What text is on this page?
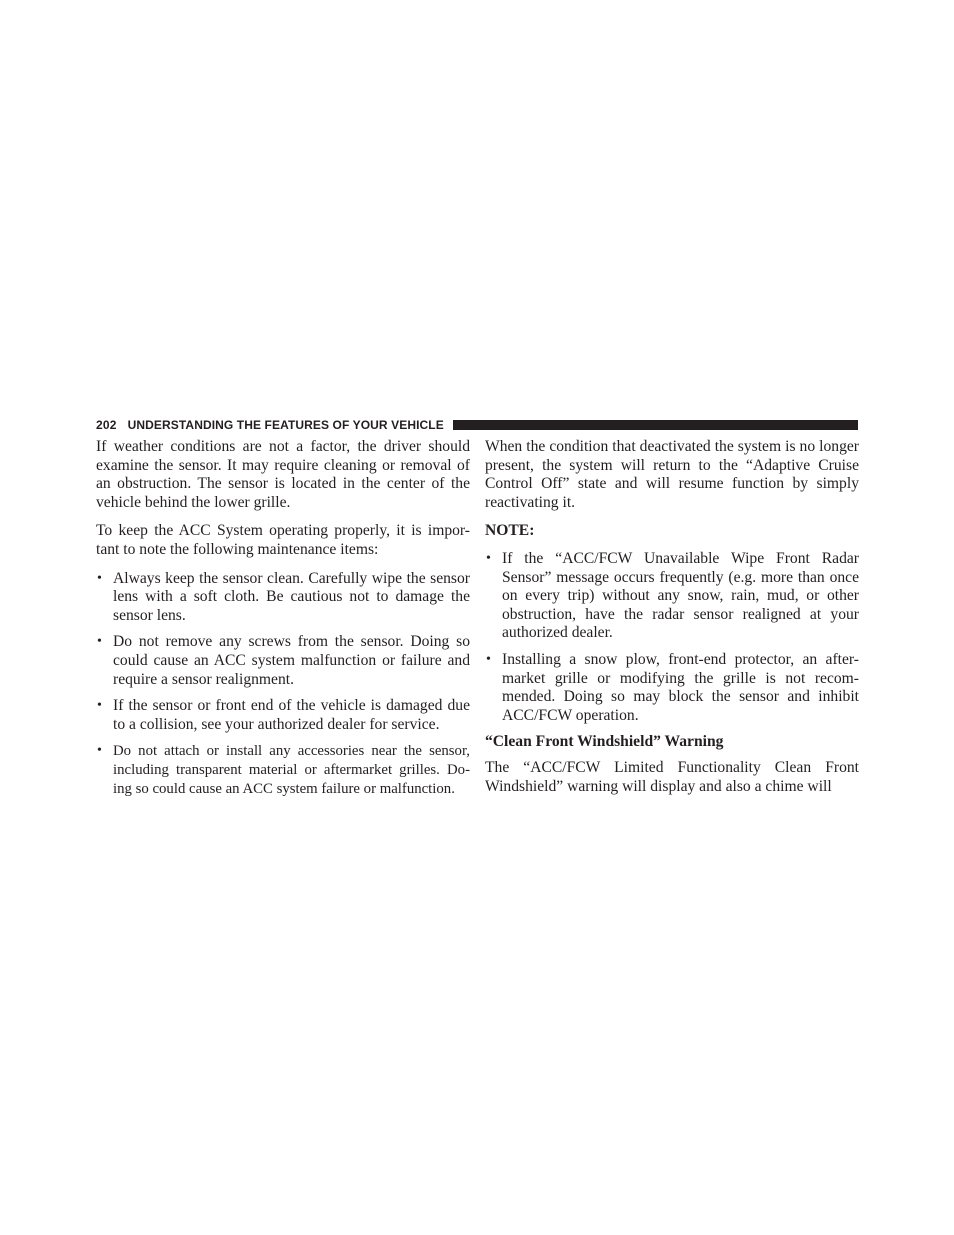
202 UNDERSTANDING THE FEATURES OF YOUR VEHICLE

If weather conditions are not a factor, the driver should examine the sensor. It may require cleaning or removal of an obstruction. The sensor is located in the center of the vehicle behind the lower grille.

To keep the ACC System operating properly, it is impor- tant to note the following maintenance items:

• Always keep the sensor clean. Carefully wipe the sensor lens with a soft cloth. Be cautious not to damage the sensor lens.
• Do not remove any screws from the sensor. Doing so could cause an ACC system malfunction or failure and require a sensor realignment.
• If the sensor or front end of the vehicle is damaged due to a collision, see your authorized dealer for service.
• Do not attach or install any accessories near the sensor, including transparent material or aftermarket grilles. Do- ing so could cause an ACC system failure or malfunction.

When the condition that deactivated the system is no longer present, the system will return to the “Adaptive Cruise Control Off” state and will resume function by simply reactivating it.

NOTE:

• If the “ACC/FCW Unavailable Wipe Front Radar Sensor” message occurs frequently (e.g. more than once on every trip) without any snow, rain, mud, or other obstruction, have the radar sensor realigned at your authorized dealer.
• Installing a snow plow, front-end protector, an after- market grille or modifying the grille is not recom- mended. Doing so may block the sensor and inhibit ACC/FCW operation.

“Clean Front Windshield” Warning

The “ACC/FCW Limited Functionality Clean Front Windshield” warning will display and also a chime will
